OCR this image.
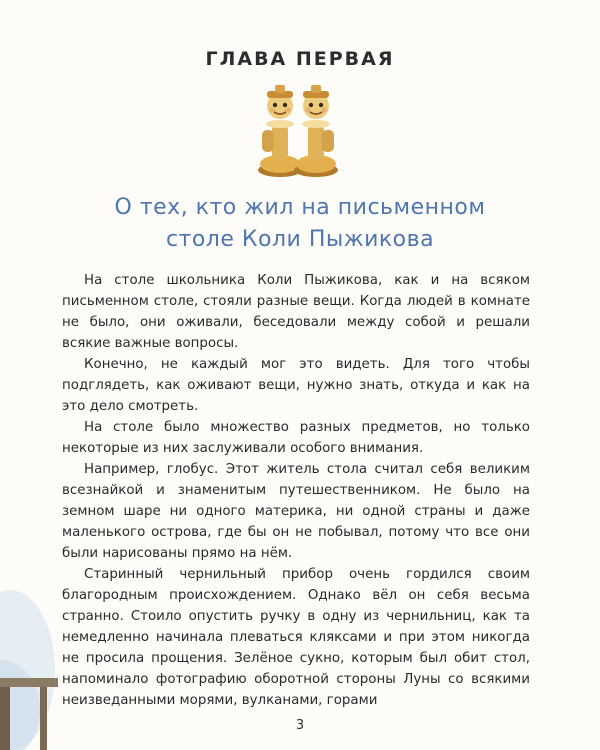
ГЛАВА ПЕРВАЯ
О тех, кто жил на письменном
столе Коли Пыжикова

На столе школьника Коли Пыжикова, как и на всяком письменном столе, стояли разные вещи. Когда людей в комнате не было, они оживали, беседовали между собой и решали всякие важные вопросы.

Конечно, не каждый мог это видеть. Для того чтобы подглядеть, как оживают вещи, нужно знать, откуда и как на это дело смотреть.

На столе было множество разных предметов, но только некоторые из них заслуживали особого внимания.

Например, глобус. Этот житель стола считал себя великим всезнайкой и знаменитым путешественником. Не было на земном шаре ни одного материка, ни одной страны и даже маленького острова, где бы он не побывал, потому что все они были нарисованы прямо на нём.

Старинный чернильный прибор очень гордился своим благородным происхождением. Однако вёл он себя весьма странно. Стоило опустить ручку в одну из чернильниц, как та немедленно начинала плеваться кляксами и при этом никогда не просила прощения. Зелёное сукно, которым был обит стол, напоминало фотографию оборотной стороны Луны со всякими неизведанными морями, вулканами, горами

3
